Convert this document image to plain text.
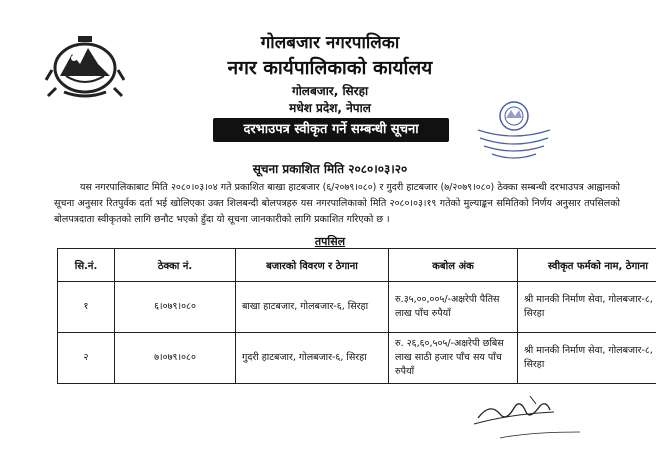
गोलबजार नगरपालिका
नगर कार्यपालिकाको कार्यालय
गोलबजार, सिरहा
मधेश प्रदेश, नेपाल
दरभाउपत्र स्वीकृत गर्ने सम्बन्धी सूचना
सूचना प्रकाशित मिति २०८०।०३।२०
यस नगरपालिकाबाट मिति २०८०।०३।०४ गते प्रकाशित बाखा हाटबजार (६/२०७९।०८०) र गुदरी हाटबजार (७/२०७९।०८०) ठेक्का सम्बन्धी दरभाउपत्र आह्वानको सूचना अनुसार रितपुर्वक दर्ता भई खोलिएका उक्त शिलबन्दी बोलपत्रहरु यस नगरपालिकाको मिति २०८०।०३।१९ गतेको मुल्याङ्कन समितिको निर्णय अनुसार तपसिलको बोलपत्रदाता स्वीकृतको लागि छनौट भएको हुँदा यो सूचना जानकारीको लागि प्रकाशित गरिएको छ ।
तपसिल
सि.नं.	ठेक्का नं.	बजारको विवरण र ठेगाना	कबोल अंक	स्वीकृत फर्मको नाम, ठेगाना
१	६।०७९।०८०	बाखा हाटबजार, गोलबजार-६, सिरहा	रु.३५,००,००५/-अक्षरेपी पैतिस लाख पाँच रुपैयाँ	श्री मानकी निर्माण सेवा, गोलबजार-८, सिरहा
२	७।०७९।०८०	गुदरी हाटबजार, गोलबजार-६, सिरहा	रु. २६,६०,५०५/-अक्षरेपी छबिस लाख साठी हजार पाँच सय पाँच रुपैयाँ	श्री मानकी निर्माण सेवा, गोलबजार-८, सिरहा
